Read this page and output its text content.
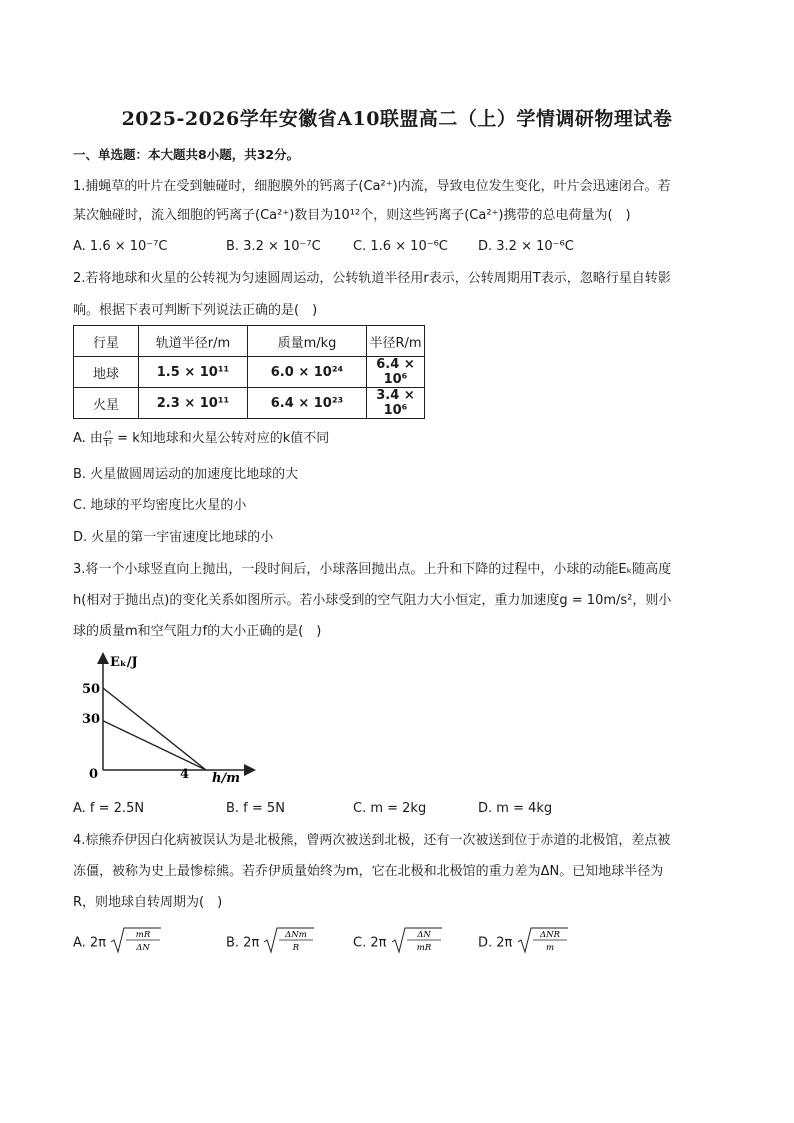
2025-2026学年安徽省A10联盟高二（上）学情调研物理试卷
一、单选题：本大题共8小题，共32分。
1.捕蝇草的叶片在受到触碰时，细胞膜外的钙离子(Ca²⁺)内流，导致电位发生变化，叶片会迅速闭合。若
某次触碰时，流入细胞的钙离子(Ca²⁺)数目为10¹²个，则这些钙离子(Ca²⁺)携带的总电荷量为(　)
A. 1.6 × 10⁻⁷C	B. 3.2 × 10⁻⁷C C. 1.6 × 10⁻⁶C D. 3.2 × 10⁻⁶C
2.若将地球和火星的公转视为匀速圆周运动，公转轨道半径用r表示，公转周期用T表示，忽略行星自转影
响。根据下表可判断下列说法正确的是(　)
行星	轨道半径r/m	质量m/kg	半径R/m
地球	1.5 × 10¹¹	6.0 × 10²⁴	6.4 × 10⁶
火星	2.3 × 10¹¹	6.4 × 10²³	3.4 × 10⁶
A. 由 $\frac{\text{r³}}{\text{T²}} = k$知地球和火星公转对应的k值不同
B. 火星做圆周运动的加速度比地球的大
C. 地球的平均密度比火星的小
D. 火星的第一宇宙速度比地球的小
3.将一个小球竖直向上抛出，一段时间后，小球落回抛出点。上升和下降的过程中，小球的动能Eₖ随高度
h(相对于抛出点)的变化关系如图所示。若小球受到的空气阻力大小恒定，重力加速度g = 10m/s²，则小
球的质量m和空气阻力f的大小正确的是(　)
Eₖ/J
h/m
0
50
30
4
A. f = 2.5N	B. f = 5N	C. m = 2kg	D. m = 4kg
4.棕熊乔伊因白化病被误认为是北极熊，曾两次被送到北极，还有一次被送到位于赤道的北极馆，差点被
冻僵，被称为史上最惨棕熊。若乔伊质量始终为m，它在北极和北极馆的重力差为ΔN。已知地球半径为
R，则地球自转周期为(　)
A. 2π
mR
ΔN	B. 2π
ΔNm
R	C. 2π
ΔN
mR	D. 2π
ΔNR
m
